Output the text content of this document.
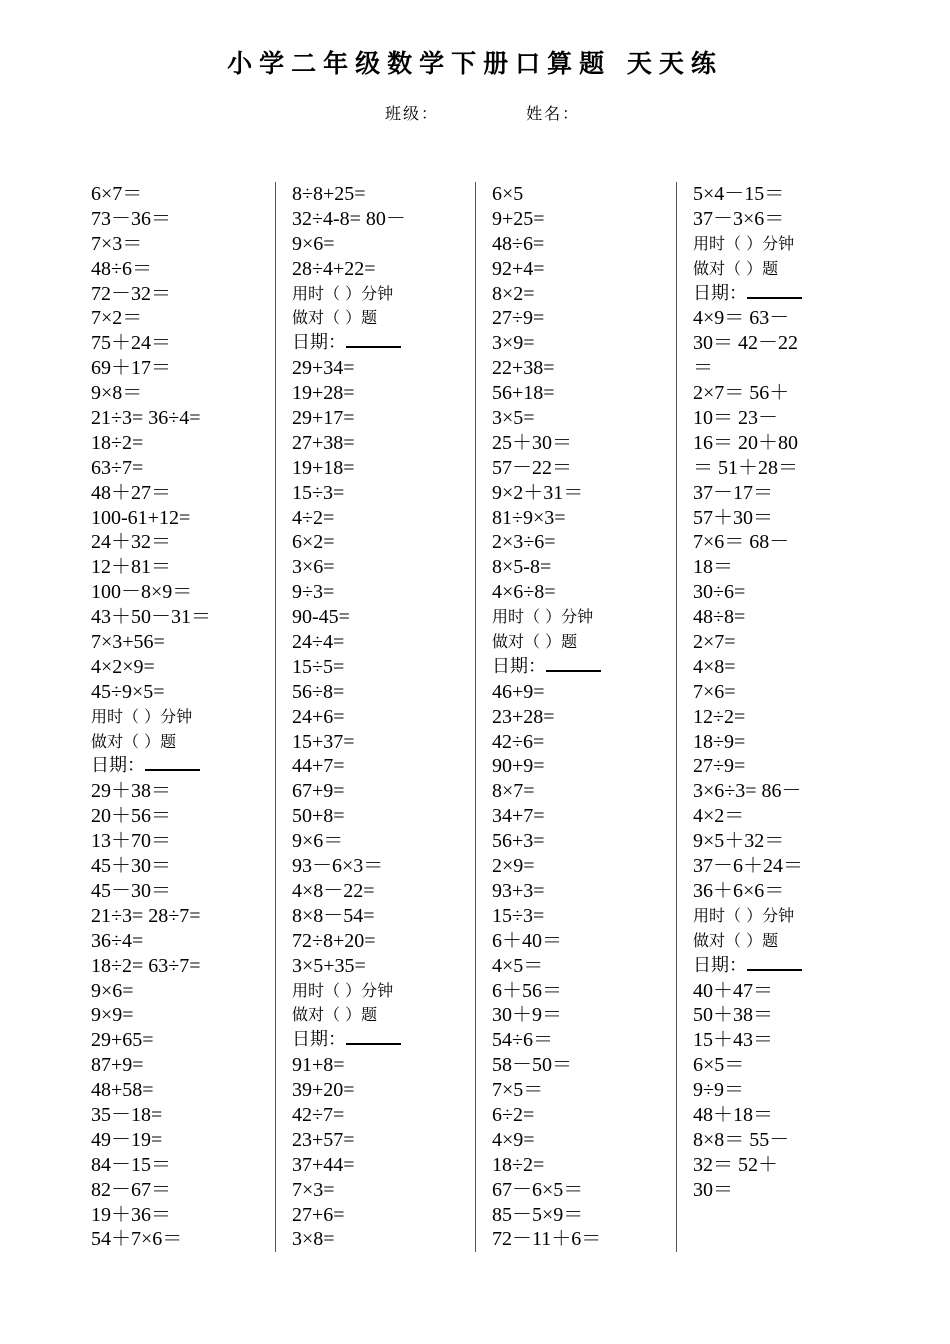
小学二年级数学下册口算题 天天练
班级：	姓名：
6×7＝
73－36＝
7×3＝
48÷6＝
72－32＝
7×2＝
75＋24＝
69＋17＝
9×8＝
21÷3= 36÷4=
18÷2=
63÷7=
48＋27＝
100-61+12=
24＋32＝
12＋81＝
100－8×9＝
43＋50－31＝
7×3+56=
4×2×9=
45÷9×5=
用时（ ）分钟
做对（ ）题
日期：
29＋38＝
20＋56＝
13＋70＝
45＋30＝
45－30＝
21÷3= 28÷7=
36÷4=
18÷2= 63÷7=
9×6=
9×9=
29+65=
87+9=
48+58=
35－18=
49－19=
84－15＝
82－67＝
19＋36＝
54＋7×6＝
8÷8+25=
32÷4-8= 80－
9×6=
28÷4+22=
用时（ ）分钟
做对（ ）题
日期：
29+34=
19+28=
29+17=
27+38=
19+18=
15÷3=
4÷2=
6×2=
3×6=
9÷3=
90-45=
24÷4=
15÷5=
56÷8=
24+6=
15+37=
44+7=
67+9=
50+8=
9×6＝
93－6×3＝
4×8－22=
8×8－54=
72÷8+20=
3×5+35=
用时（ ）分钟
做对（ ）题
日期：
91+8=
39+20=
42÷7=
23+57=
37+44=
7×3=
27+6=
3×8=
6×5
9+25=
48÷6=
92+4=
8×2=
27÷9=
3×9=
22+38=
56+18=
3×5=
25＋30＝
57－22＝
9×2＋31＝
81÷9×3=
2×3÷6=
8×5-8=
4×6÷8=
用时（ ）分钟
做对（ ）题
日期：
46+9=
23+28=
42÷6=
90+9=
8×7=
34+7=
56+3=
2×9=
93+3=
15÷3=
6＋40＝
4×5＝
6＋56＝
30＋9＝
54÷6＝
58－50＝
7×5＝
6÷2=
4×9=
18÷2=
67－6×5＝
85－5×9＝
72－11＋6＝
5×4－15＝
37－3×6＝
用时（ ）分钟
做对（ ）题
日期：
4×9＝ 63－
30＝ 42－22
＝
2×7＝ 56＋
10＝ 23－
16＝ 20＋80
＝ 51＋28＝
37－17＝
57＋30＝
7×6＝ 68－
18＝
30÷6=
48÷8=
2×7=
4×8=
7×6=
12÷2=
18÷9=
27÷9=
3×6÷3= 86－
4×2＝
9×5＋32＝
37－6＋24＝
36＋6×6＝
用时（ ）分钟
做对（ ）题
日期：
40＋47＝
50＋38＝
15＋43＝
6×5＝
9÷9＝
48＋18＝
8×8＝ 55－
32＝ 52＋
30＝
